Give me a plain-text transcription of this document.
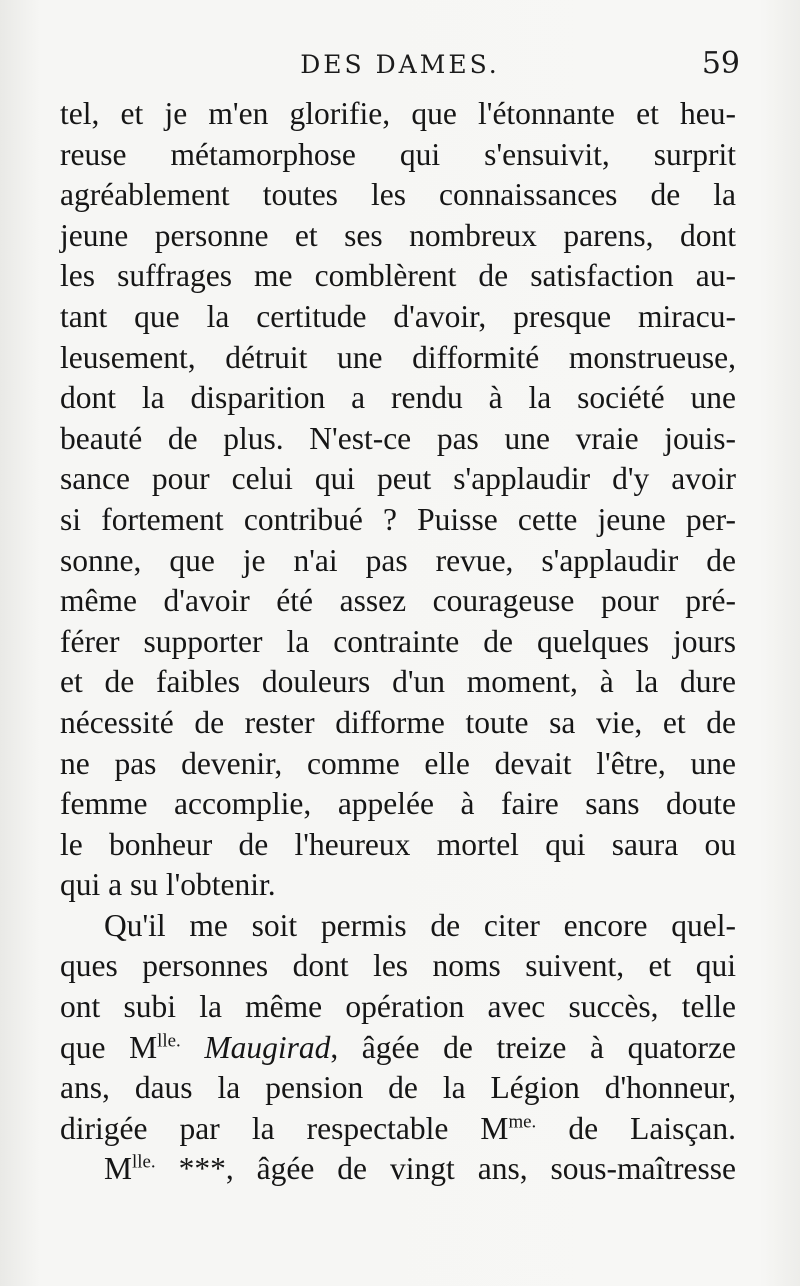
DES DAMES.	59

tel, et je m'en glorifie, que l'étonnante et heu-

reuse métamorphose qui s'ensuivit, surprit

agréablement toutes les connaissances de la

jeune personne et ses nombreux parens, dont

les suffrages me comblèrent de satisfaction au-

tant que la certitude d'avoir, presque miracu-

leusement, détruit une difformité monstrueuse,

dont la disparition a rendu à la société une

beauté de plus. N'est-ce pas une vraie jouis-

sance pour celui qui peut s'applaudir d'y avoir

si fortement contribué ? Puisse cette jeune per-

sonne, que je n'ai pas revue, s'applaudir de

même d'avoir été assez courageuse pour pré-

férer supporter la contrainte de quelques jours

et de faibles douleurs d'un moment, à la dure

nécessité de rester difforme toute sa vie, et de

ne pas devenir, comme elle devait l'être, une

femme accomplie, appelée à faire sans doute

le bonheur de l'heureux mortel qui saura ou

qui a su l'obtenir.

Qu'il me soit permis de citer encore quel-

ques personnes dont les noms suivent, et qui

ont subi la même opération avec succès, telle

que $M^{lle.}$ Maugirad, âgée de treize à quatorze

ans, daus la pension de la Légion d'honneur,

dirigée par la respectable $M^{me.}$ de Laisçan.

$M^{lle.}$ ***, âgée de vingt ans, sous-maîtresse
